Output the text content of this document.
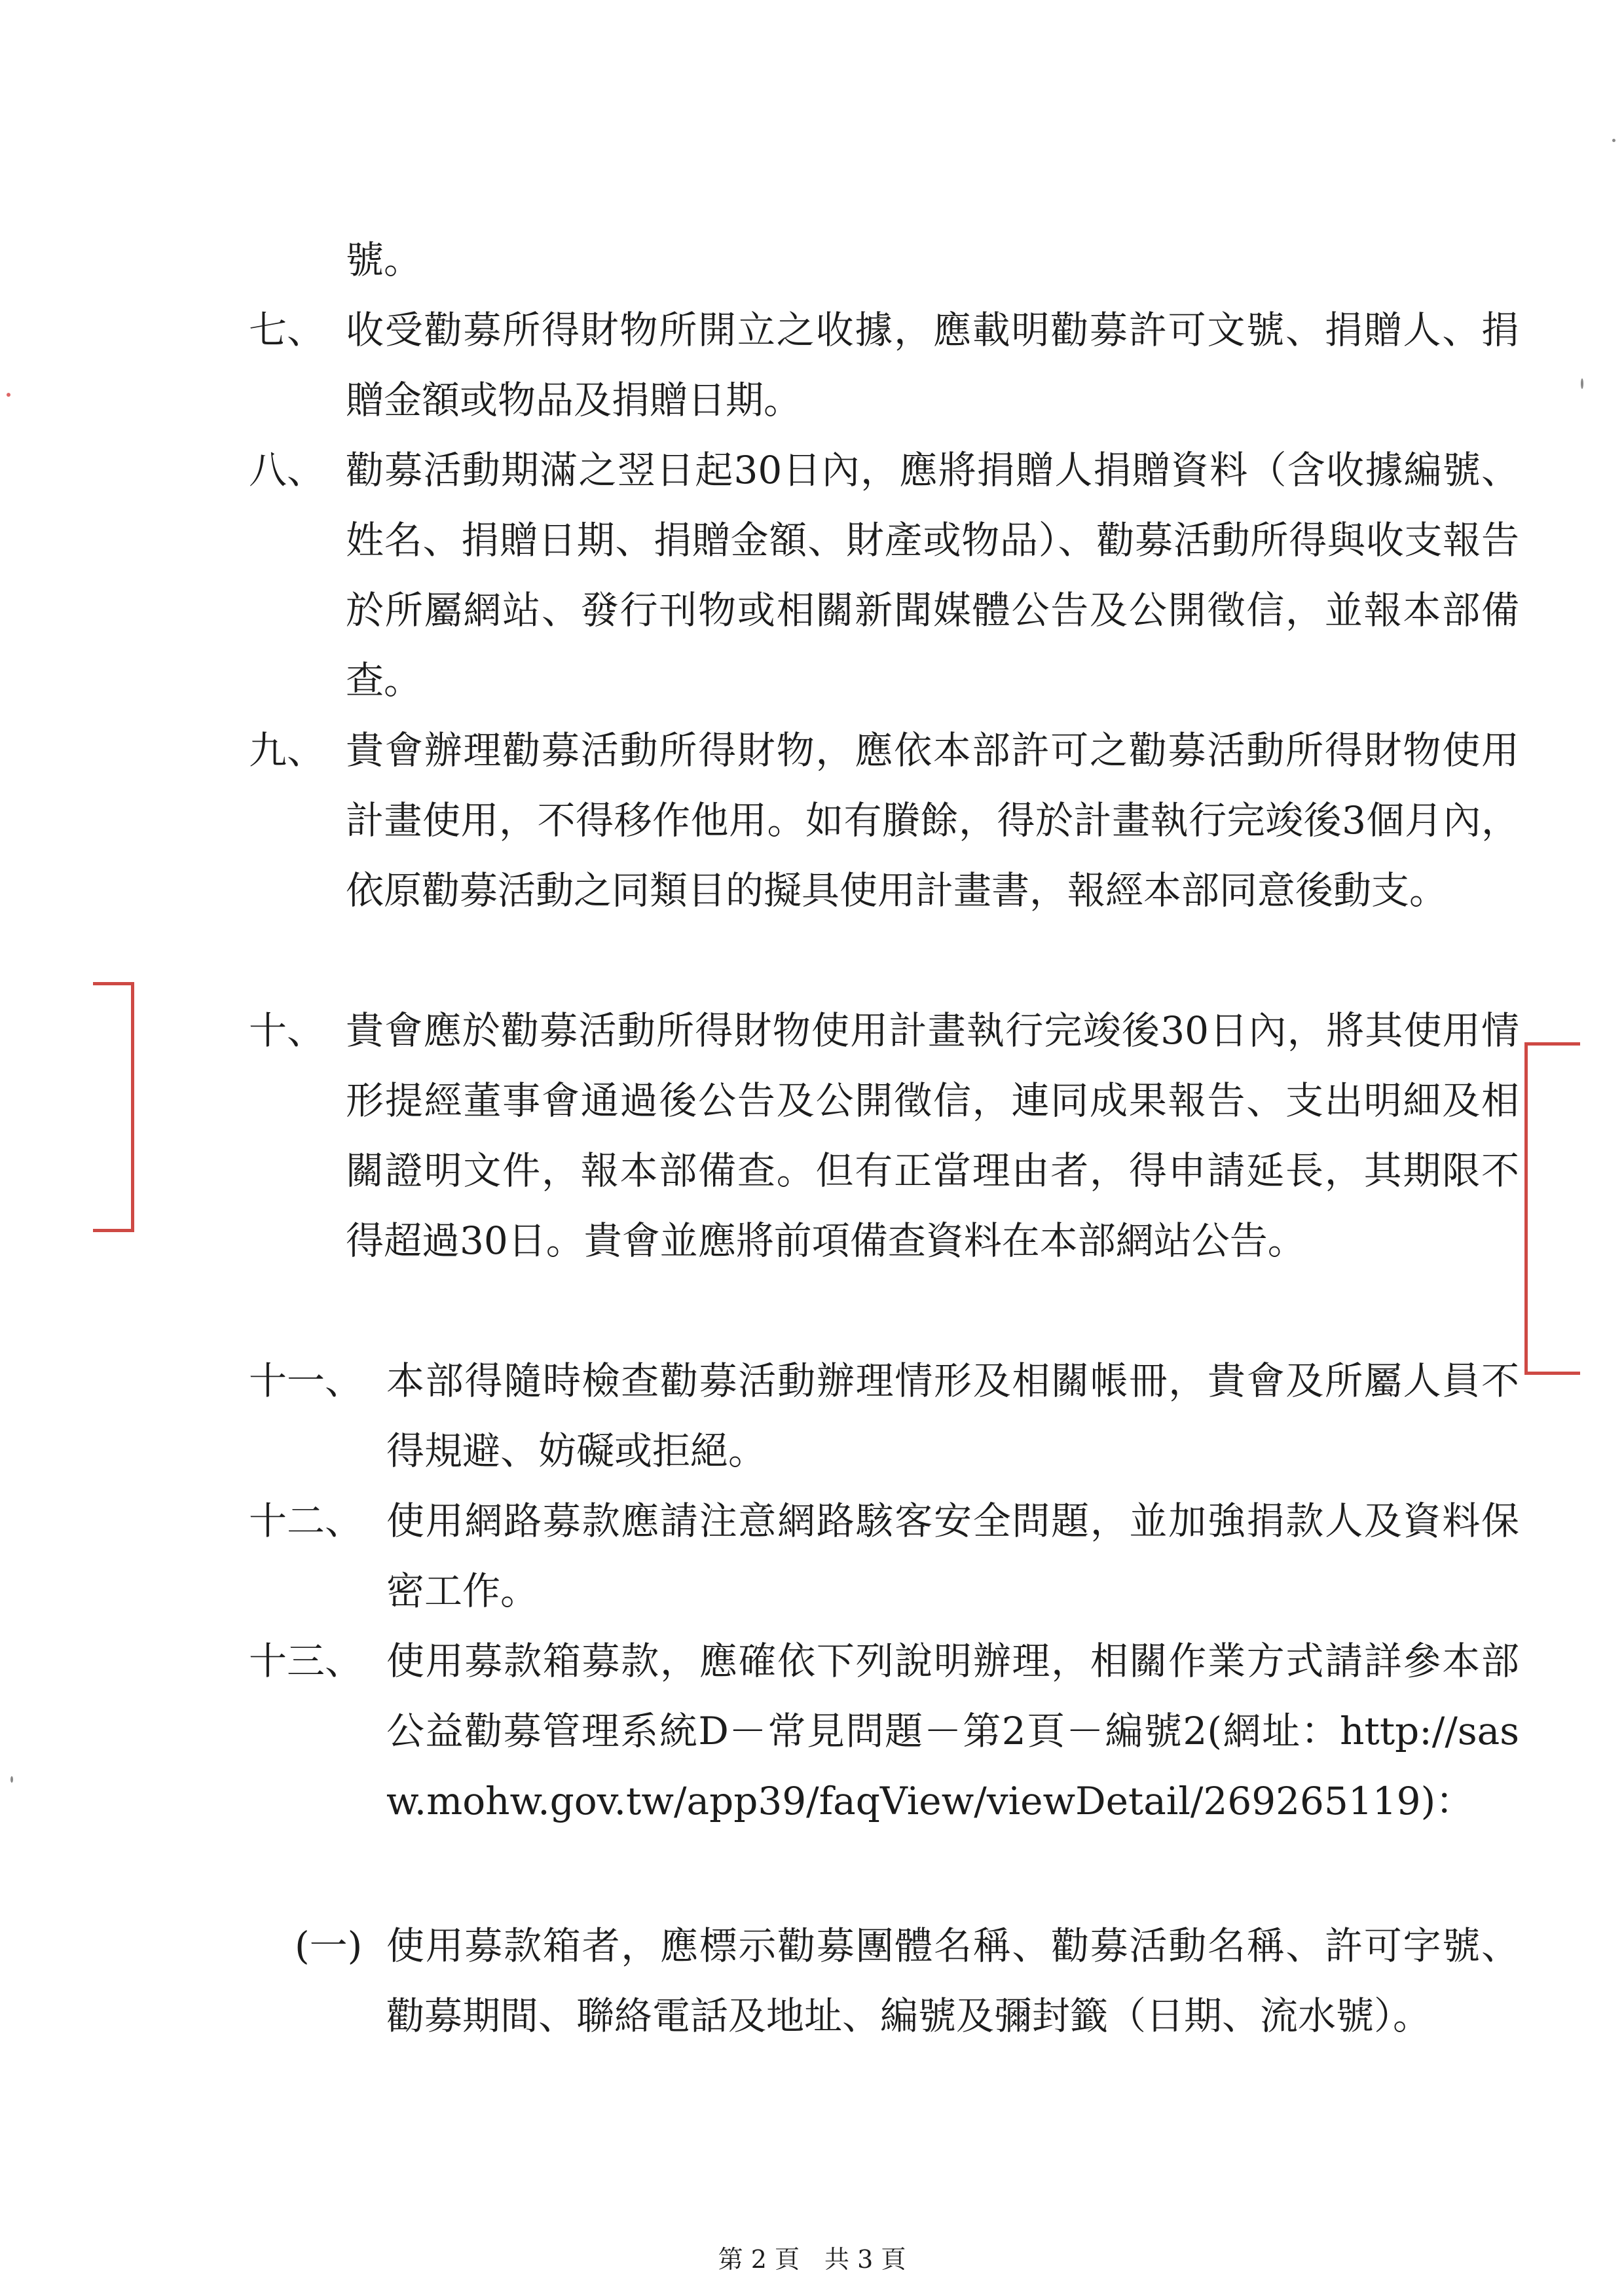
號。

七、 收受勸募所得財物所開立之收據，應載明勸募許可文號、捐贈人、捐贈金額或物品及捐贈日期。

八、 勸募活動期滿之翌日起30日內，應將捐贈人捐贈資料（含收據編號、姓名、捐贈日期、捐贈金額、財產或物品）、勸募活動所得與收支報告於所屬網站、發行刊物或相關新聞媒體公告及公開徵信，並報本部備查。

九、 貴會辦理勸募活動所得財物，應依本部許可之勸募活動所得財物使用計畫使用，不得移作他用。如有賸餘，得於計畫執行完竣後3個月內，依原勸募活動之同類目的擬具使用計畫書，報經本部同意後動支。

十、 貴會應於勸募活動所得財物使用計畫執行完竣後30日內，將其使用情形提經董事會通過後公告及公開徵信，連同成果報告、支出明細及相關證明文件，報本部備查。但有正當理由者，得申請延長，其期限不得超過30日。貴會並應將前項備查資料在本部網站公告。

十一、 本部得隨時檢查勸募活動辦理情形及相關帳冊，貴會及所屬人員不得規避、妨礙或拒絕。

十二、 使用網路募款應請注意網路駭客安全問題，並加強捐款人及資料保密工作。

十三、 使用募款箱募款，應確依下列說明辦理，相關作業方式請詳參本部公益勸募管理系統D－常見問題－第2頁－編號2(網址：http://sasw.mohw.gov.tw/app39/faqView/viewDetail/269265119)：

(一) 使用募款箱者，應標示勸募團體名稱、勸募活動名稱、許可字號、勸募期間、聯絡電話及地址、編號及彌封籤（日期、流水號）。

第 2 頁　共 3 頁
